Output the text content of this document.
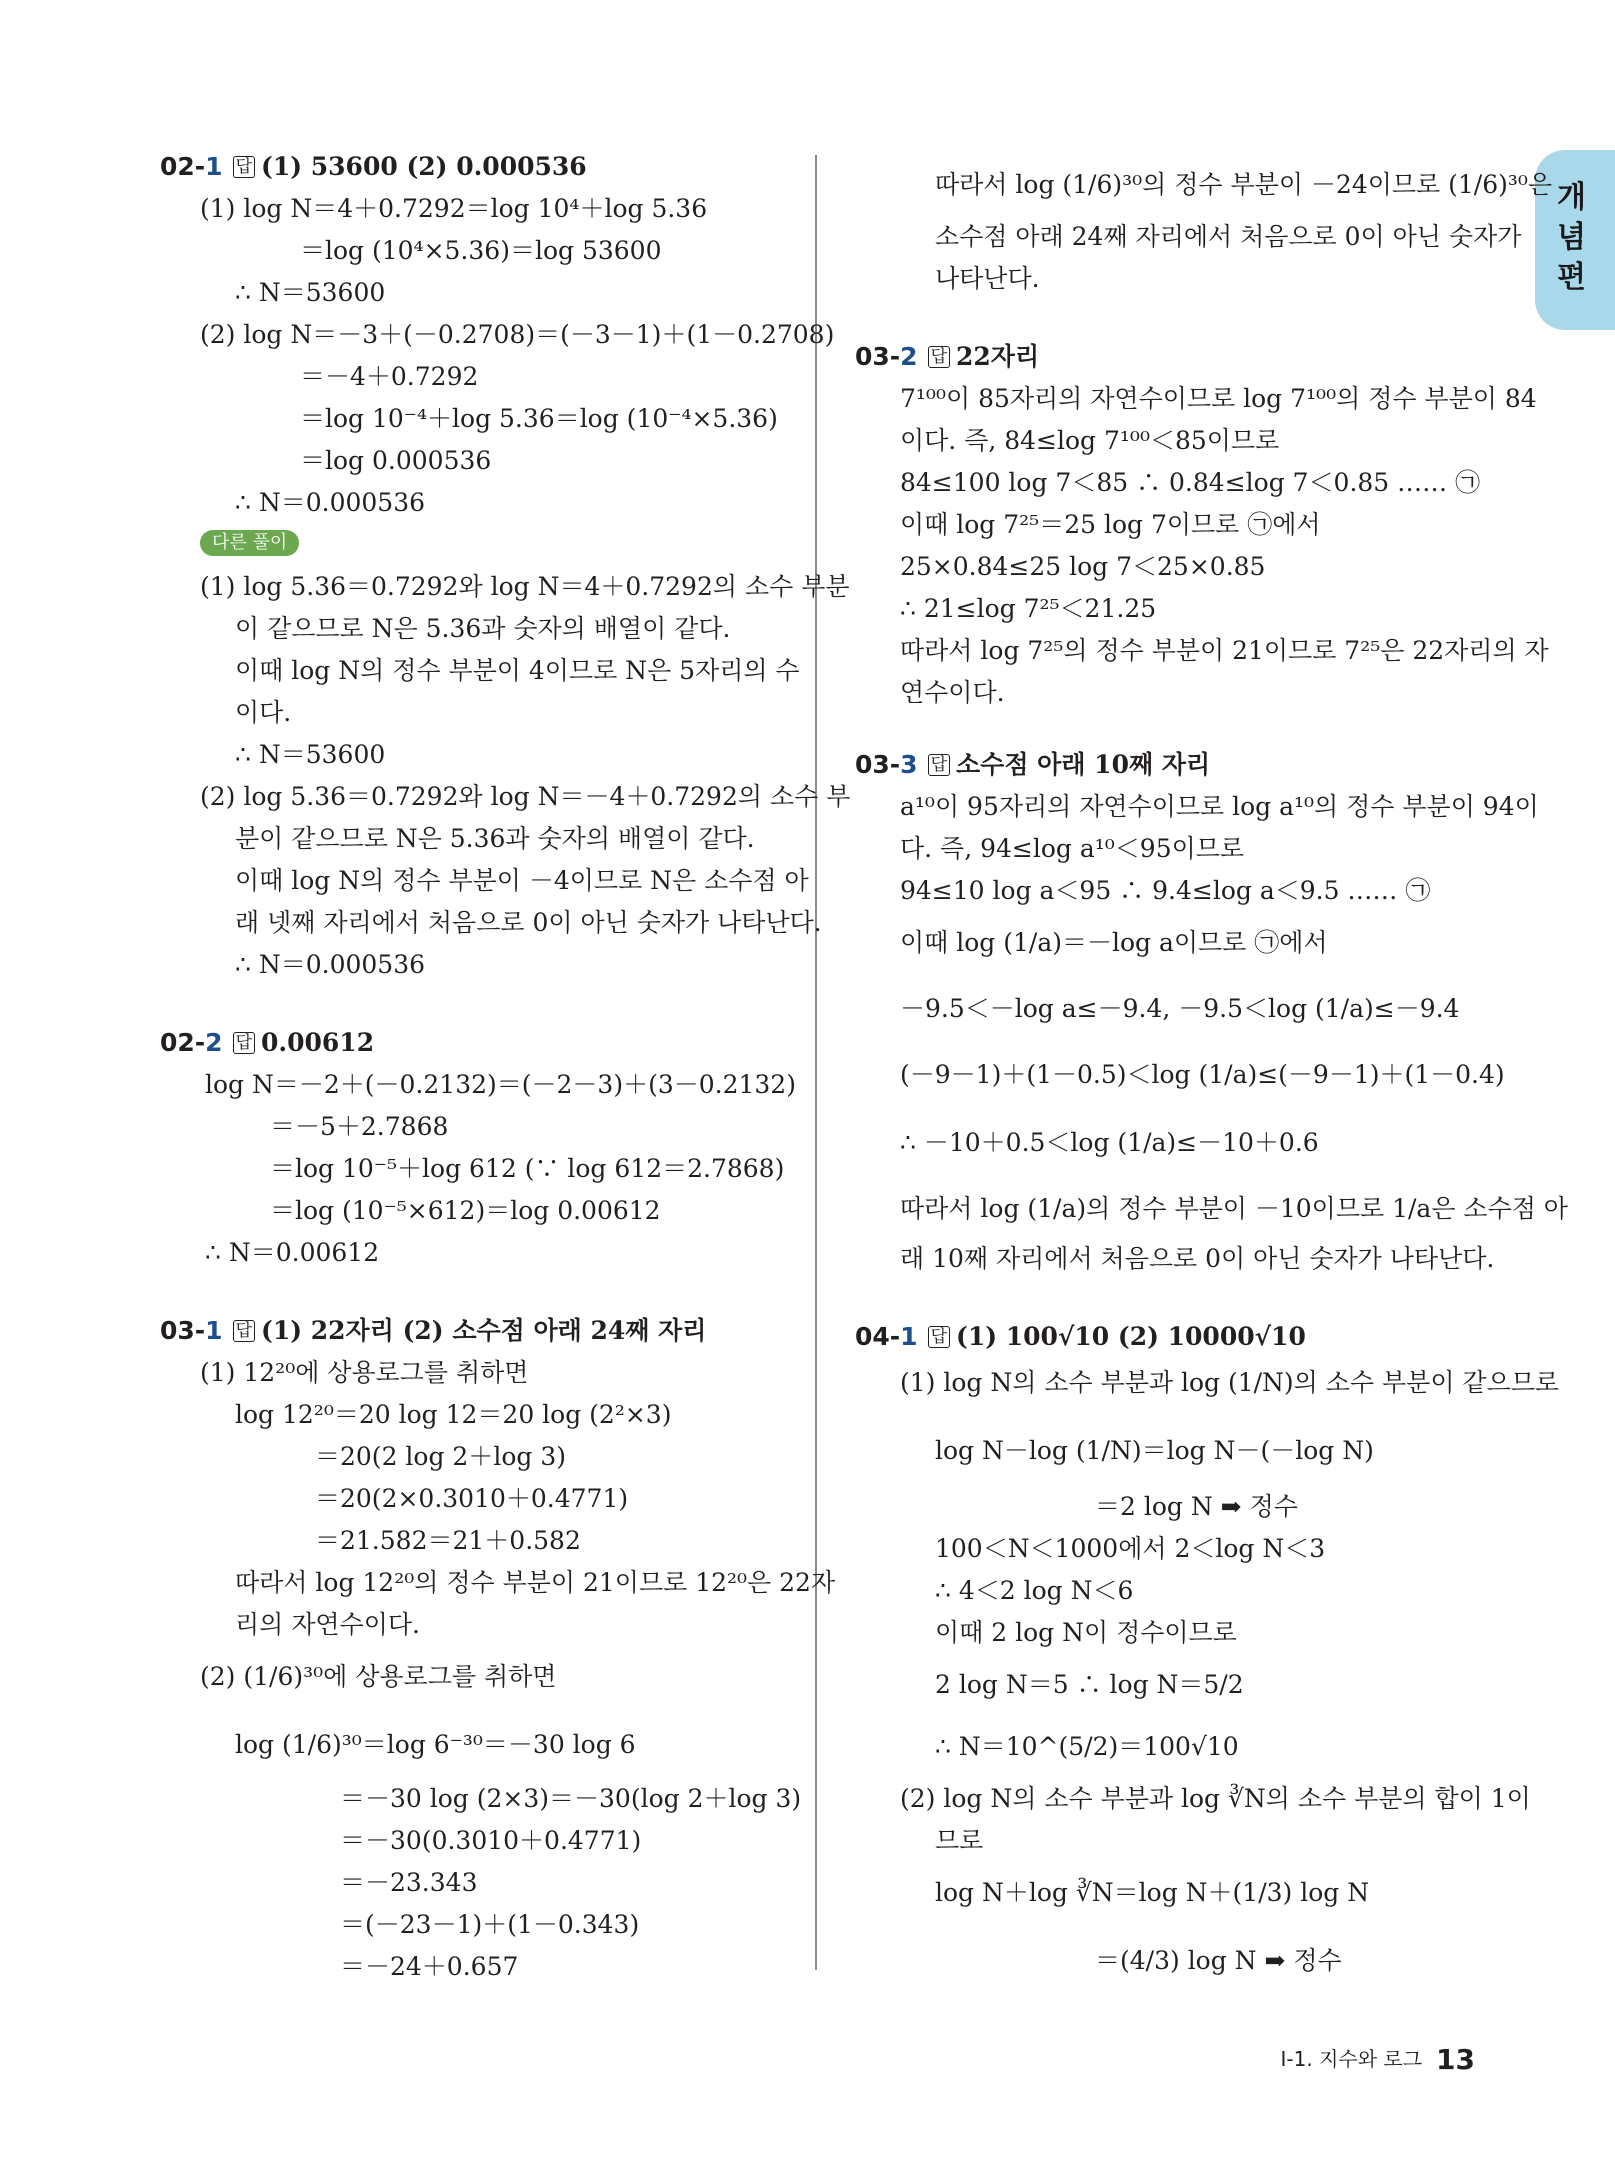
개념편
02-1 답 (1) 53600 (2) 0.000536
(1) log N＝4＋0.7292＝log 10⁴＋log 5.36
＝log (10⁴×5.36)＝log 53600
∴ N＝53600
(2) log N＝－3＋(－0.2708)＝(－3－1)＋(1－0.2708)
＝－4＋0.7292
＝log 10⁻⁴＋log 5.36＝log (10⁻⁴×5.36)
＝log 0.000536
∴ N＝0.000536
(1) log 5.36＝0.7292와 log N＝4＋0.7292의 소수 부분
이 같으므로 N은 5.36과 숫자의 배열이 같다.
이때 log N의 정수 부분이 4이므로 N은 5자리의 수
이다.
∴ N＝53600
(2) log 5.36＝0.7292와 log N＝－4＋0.7292의 소수 부
분이 같으므로 N은 5.36과 숫자의 배열이 같다.
이때 log N의 정수 부분이 －4이므로 N은 소수점 아
래 넷째 자리에서 처음으로 0이 아닌 숫자가 나타난다.
∴ N＝0.000536
02-2 답 0.00612
log N＝－2＋(－0.2132)＝(－2－3)＋(3－0.2132)
＝－5＋2.7868
＝log 10⁻⁵＋log 612 (∵ log 612＝2.7868)
＝log (10⁻⁵×612)＝log 0.00612
∴ N＝0.00612
03-1 답 (1) 22자리 (2) 소수점 아래 24째 자리
(1) 12²⁰에 상용로그를 취하면
log 12²⁰＝20 log 12＝20 log (2²×3)
＝20(2 log 2＋log 3)
＝20(2×0.3010＋0.4771)
＝21.582＝21＋0.582
따라서 log 12²⁰의 정수 부분이 21이므로 12²⁰은 22자
리의 자연수이다.
(2) (1/6)³⁰에 상용로그를 취하면
log (1/6)³⁰＝log 6⁻³⁰＝－30 log 6
＝－30 log (2×3)＝－30(log 2＋log 3)
＝－30(0.3010＋0.4771)
＝－23.343
＝(－23－1)＋(1－0.343)
＝－24＋0.657
따라서 log (1/6)³⁰의 정수 부분이 －24이므로 (1/6)³⁰은
소수점 아래 24째 자리에서 처음으로 0이 아닌 숫자가
나타난다.
03-2 답 22자리
7¹⁰⁰이 85자리의 자연수이므로 log 7¹⁰⁰의 정수 부분이 84
이다. 즉, 84≤log 7¹⁰⁰＜85이므로
84≤100 log 7＜85 ∴ 0.84≤log 7＜0.85 …… ㉠
이때 log 7²⁵＝25 log 7이므로 ㉠에서
25×0.84≤25 log 7＜25×0.85
∴ 21≤log 7²⁵＜21.25
따라서 log 7²⁵의 정수 부분이 21이므로 7²⁵은 22자리의 자
연수이다.
03-3 답 소수점 아래 10째 자리
a¹⁰이 95자리의 자연수이므로 log a¹⁰의 정수 부분이 94이
다. 즉, 94≤log a¹⁰＜95이므로
94≤10 log a＜95 ∴ 9.4≤log a＜9.5 …… ㉠
이때 log (1/a)＝－log a이므로 ㉠에서
－9.5＜－log a≤－9.4, －9.5＜log (1/a)≤－9.4
(－9－1)＋(1－0.5)＜log (1/a)≤(－9－1)＋(1－0.4)
∴ －10＋0.5＜log (1/a)≤－10＋0.6
따라서 log (1/a)의 정수 부분이 －10이므로 1/a은 소수점 아
래 10째 자리에서 처음으로 0이 아닌 숫자가 나타난다.
04-1 답 (1) 100√10 (2) 10000√10
(1) log N의 소수 부분과 log (1/N)의 소수 부분이 같으므로
log N－log (1/N)＝log N－(－log N)
＝2 log N ➡ 정수
100＜N＜1000에서 2＜log N＜3
∴ 4＜2 log N＜6
이때 2 log N이 정수이므로
2 log N＝5 ∴ log N＝5/2
∴ N＝10^(5/2)＝100√10
(2) log N의 소수 부분과 log ∛N의 소수 부분의 합이 1이
므로
log N＋log ∛N＝log N＋(1/3) log N
＝(4/3) log N ➡ 정수
다른 풀이
Ⅰ-1. 지수와 로그 13
